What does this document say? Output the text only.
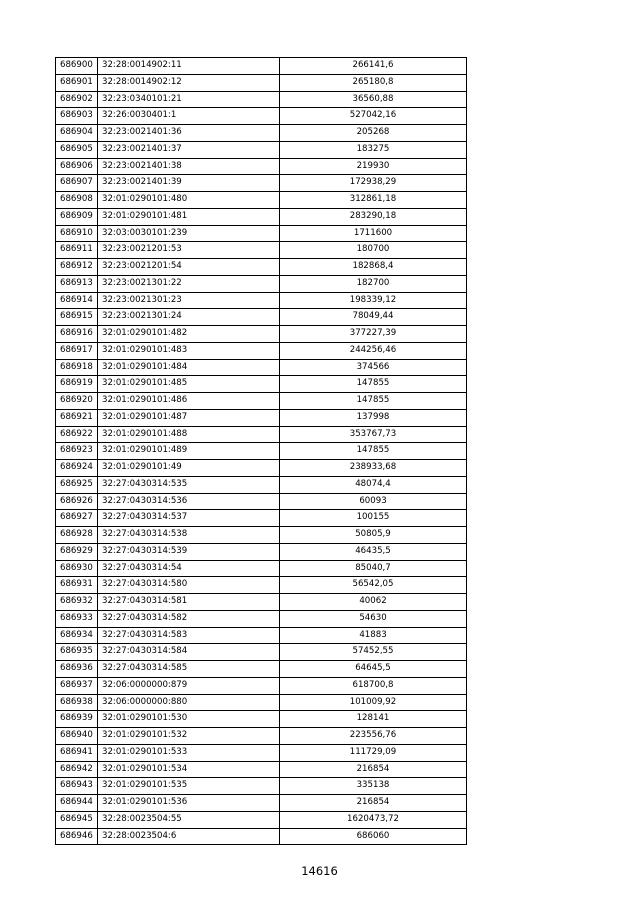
686900	32:28:0014902:11	266141,6
686901	32:28:0014902:12	265180,8
686902	32:23:0340101:21	36560,88
686903	32:26:0030401:1	527042,16
686904	32:23:0021401:36	205268
686905	32:23:0021401:37	183275
686906	32:23:0021401:38	219930
686907	32:23:0021401:39	172938,29
686908	32:01:0290101:480	312861,18
686909	32:01:0290101:481	283290,18
686910	32:03:0030101:239	1711600
686911	32:23:0021201:53	180700
686912	32:23:0021201:54	182868,4
686913	32:23:0021301:22	182700
686914	32:23:0021301:23	198339,12
686915	32:23:0021301:24	78049,44
686916	32:01:0290101:482	377227,39
686917	32:01:0290101:483	244256,46
686918	32:01:0290101:484	374566
686919	32:01:0290101:485	147855
686920	32:01:0290101:486	147855
686921	32:01:0290101:487	137998
686922	32:01:0290101:488	353767,73
686923	32:01:0290101:489	147855
686924	32:01:0290101:49	238933,68
686925	32:27:0430314:535	48074,4
686926	32:27:0430314:536	60093
686927	32:27:0430314:537	100155
686928	32:27:0430314:538	50805,9
686929	32:27:0430314:539	46435,5
686930	32:27:0430314:54	85040,7
686931	32:27:0430314:580	56542,05
686932	32:27:0430314:581	40062
686933	32:27:0430314:582	54630
686934	32:27:0430314:583	41883
686935	32:27:0430314:584	57452,55
686936	32:27:0430314:585	64645,5
686937	32:06:0000000:879	618700,8
686938	32:06:0000000:880	101009,92
686939	32:01:0290101:530	128141
686940	32:01:0290101:532	223556,76
686941	32:01:0290101:533	111729,09
686942	32:01:0290101:534	216854
686943	32:01:0290101:535	335138
686944	32:01:0290101:536	216854
686945	32:28:0023504:55	1620473,72
686946	32:28:0023504:6	686060
14616
